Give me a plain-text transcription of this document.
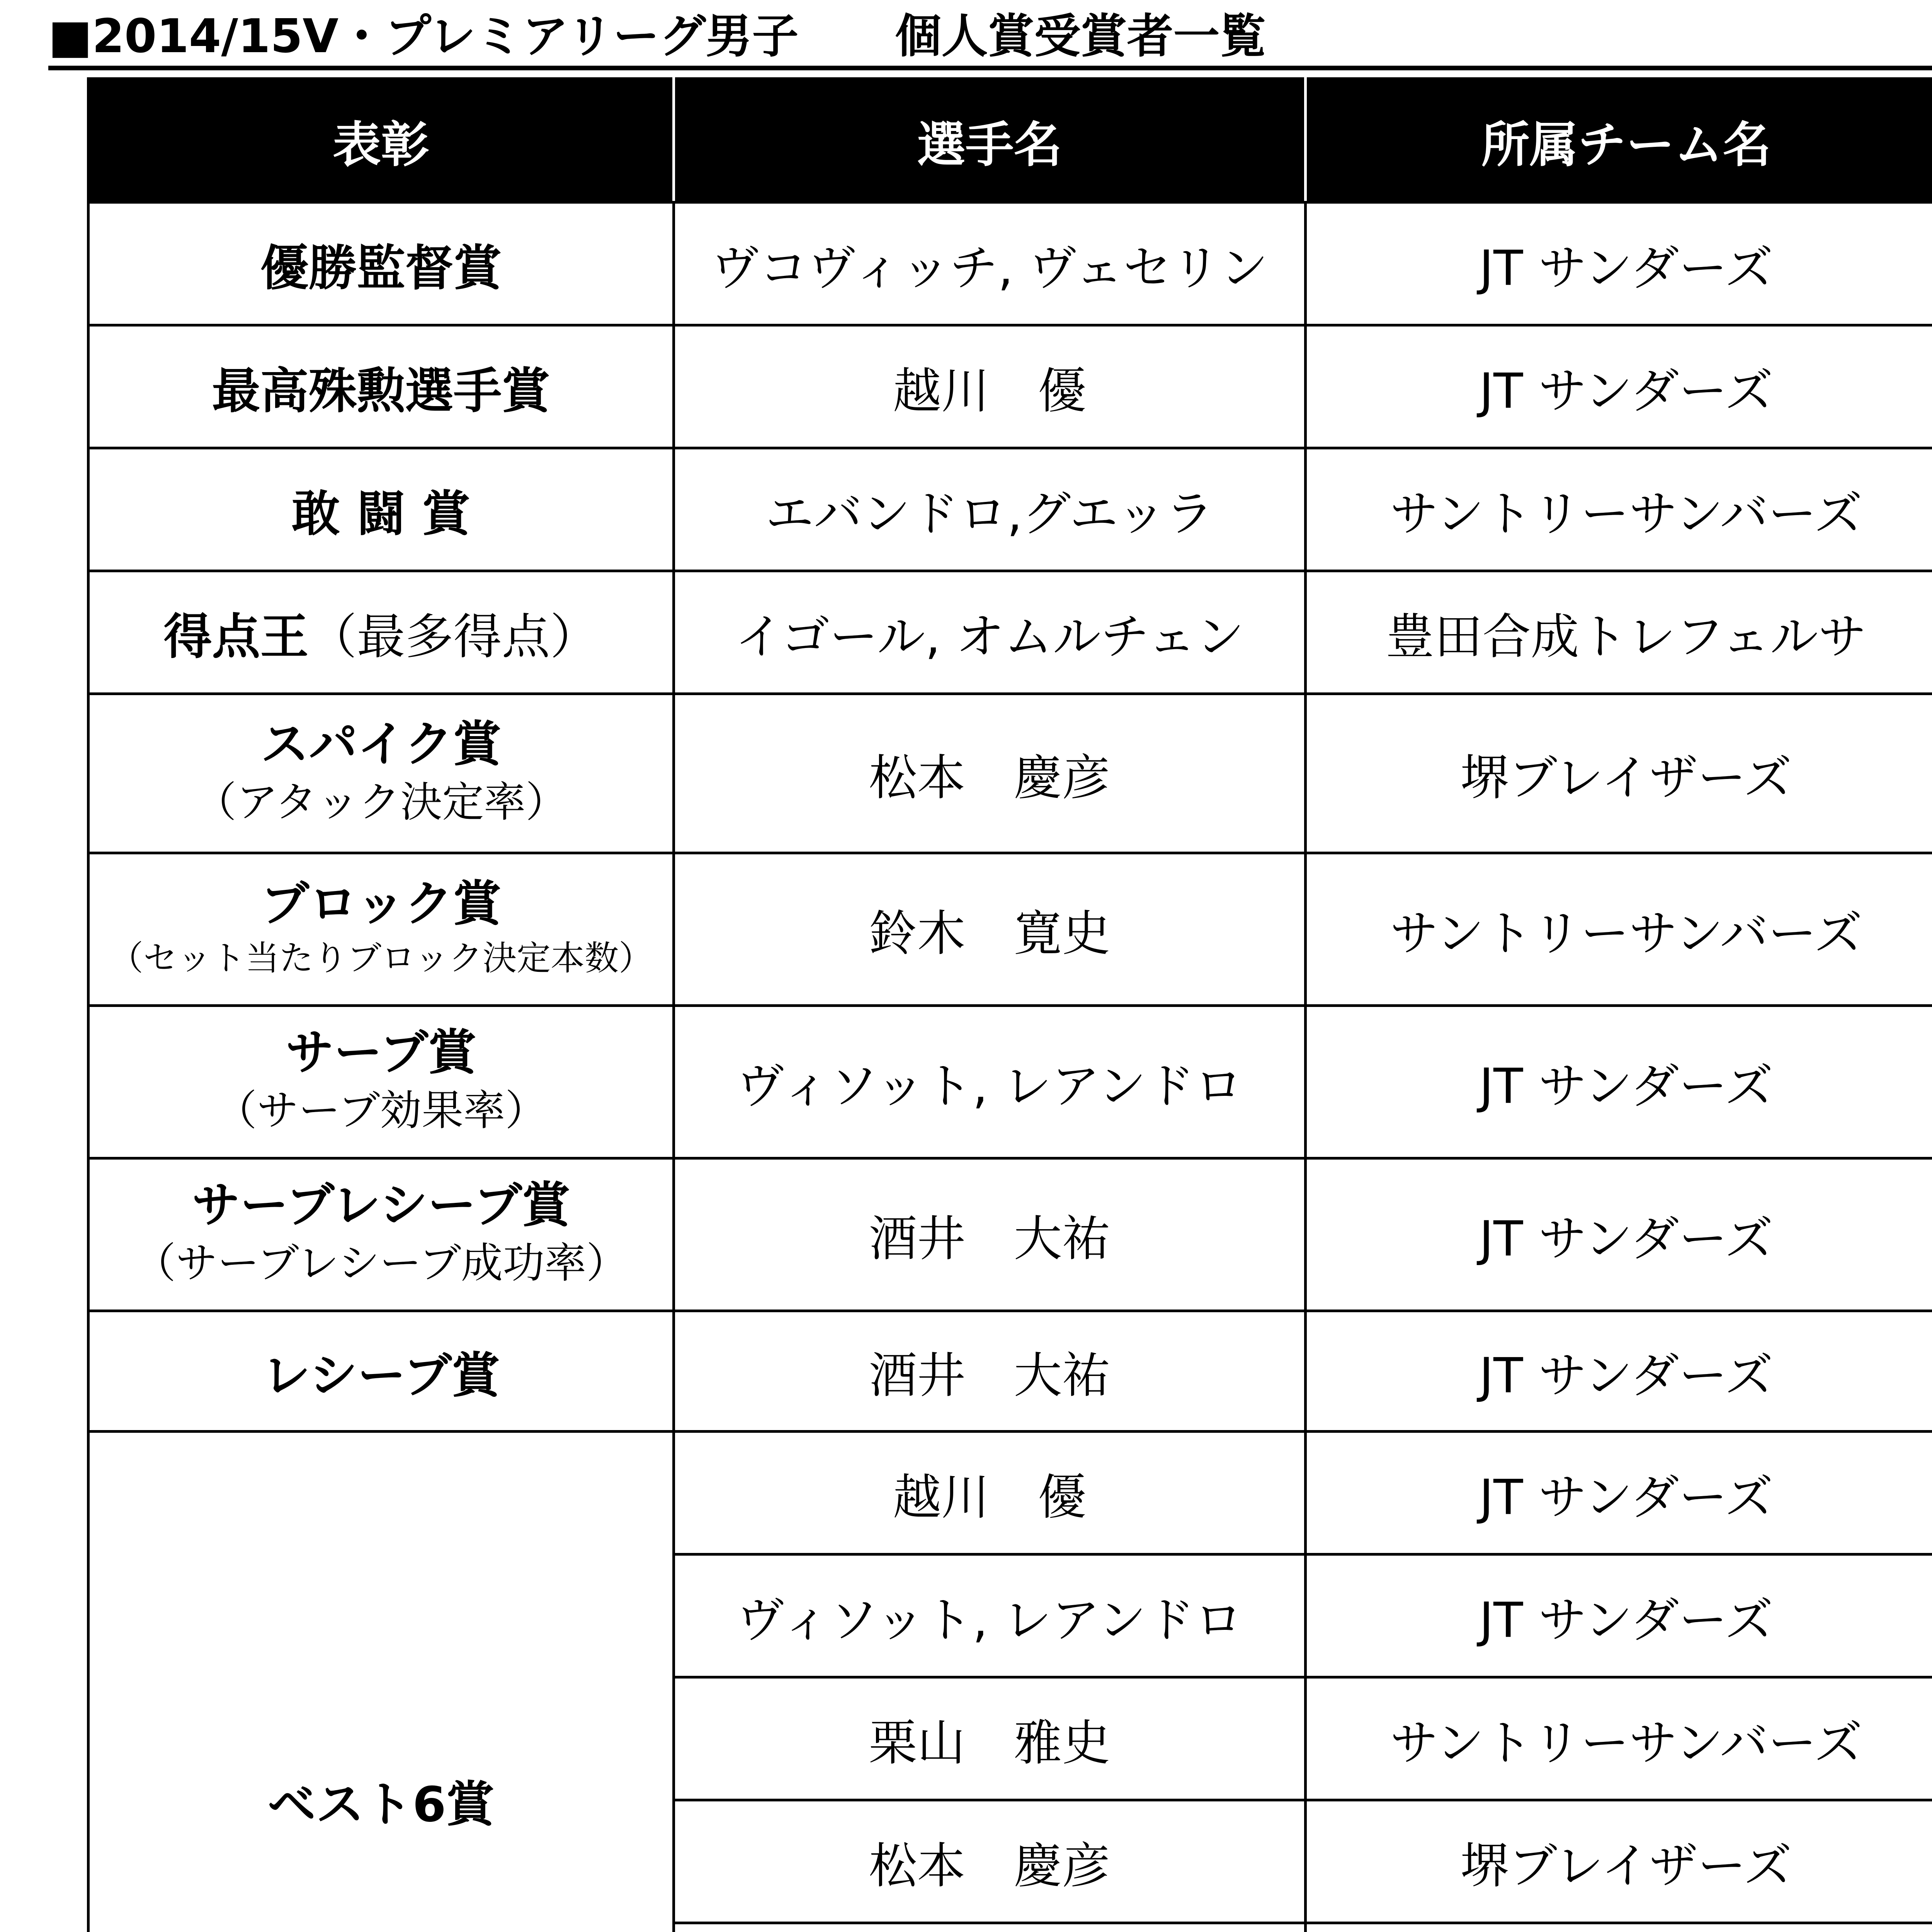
■2014/15V・プレミアリーグ男子 個人賞受賞者一覧
表彰	選手名	所属チーム名		
優勝監督賞	ヴコヴィッチ, ヴェセリン	JT サンダーズ		
最高殊勲選手賞	越川　優	JT サンダーズ		
敢 闘 賞	エバンドロ,グエッラ	サントリーサンバーズ		
得点王（最多得点）	イゴール, オムルチェン	豊田合成トレフェルサ		

スパイク賞
（アタック決定率）	松本　慶彦	堺ブレイザーズ		

ブロック賞
（セット当たりブロック決定本数）	鈴木　寛史	サントリーサンバーズ		

サーブ賞
（サーブ効果率）	ヴィソット, レアンドロ	JT サンダーズ		

サーブレシーブ賞
（サーブレシーブ成功率）	酒井　大祐	JT サンダーズ		
レシーブ賞	酒井　大祐	JT サンダーズ		
ベスト6賞	越川　優	JT サンダーズ		
	ヴィソット, レアンドロ	JT サンダーズ		
	栗山　雅史	サントリーサンバーズ		
	松本　慶彦	堺ブレイザーズ		
